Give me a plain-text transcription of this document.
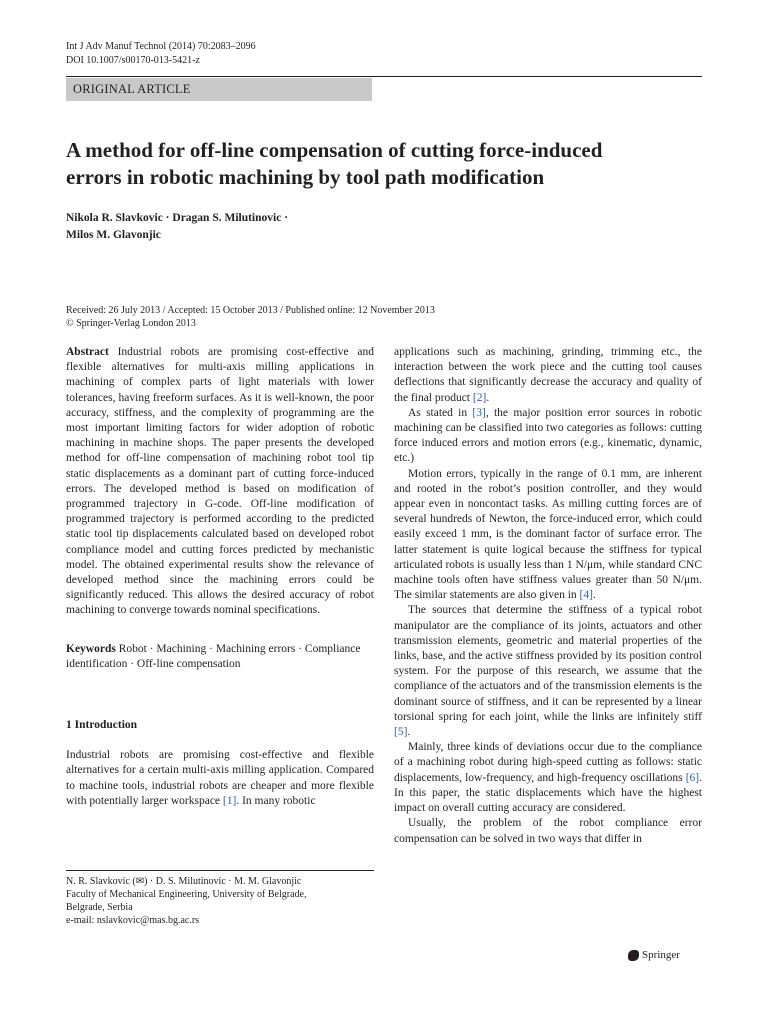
Int J Adv Manuf Technol (2014) 70:2083–2096
DOI 10.1007/s00170-013-5421-z
ORIGINAL ARTICLE
A method for off-line compensation of cutting force-induced
errors in robotic machining by tool path modification
Nikola R. Slavkovic · Dragan S. Milutinovic ·
Milos M. Glavonjic
Received: 26 July 2013 / Accepted: 15 October 2013 / Published online: 12 November 2013
© Springer-Verlag London 2013

Abstract Industrial robots are promising cost-effective and flexible alternatives for multi-axis milling applications in machining of complex parts of light materials with lower tolerances, having freeform surfaces. As it is well-known, the poor accuracy, stiffness, and the complexity of programming are the most important limiting factors for wider adoption of robotic machining in machine shops. The paper presents the developed method for off-line compensation of machining robot tool tip static displacements as a dominant part of cutting force-induced errors. The developed method is based on modification of programmed trajectory in G-code. Off-line modification of programmed trajectory is performed according to the predicted static tool tip displacements calculated based on developed robot compliance model and cutting forces predicted by mechanistic model. The obtained experimental results show the relevance of developed method since the machining errors could be significantly reduced. This allows the desired accuracy of robot machining to converge towards nominal specifications.

Keywords Robot · Machining · Machining errors · Compliance identification · Off-line compensation

1 Introduction

Industrial robots are promising cost-effective and flexible alternatives for a certain multi-axis milling application. Compared to machine tools, industrial robots are cheaper and more flexible with potentially larger workspace [1]. In many robotic

applications such as machining, grinding, trimming etc., the interaction between the work piece and the cutting tool causes deflections that significantly decrease the accuracy and quality of the final product [2].

As stated in [3], the major position error sources in robotic machining can be classified into two categories as follows: cutting force induced errors and motion errors (e.g., kinematic, dynamic, etc.)

Motion errors, typically in the range of 0.1 mm, are inherent and rooted in the robot’s position controller, and they would appear even in noncontact tasks. As milling cutting forces are of several hundreds of Newton, the force-induced error, which could easily exceed 1 mm, is the dominant factor of surface error. The latter statement is quite logical because the stiffness for typical articulated robots is usually less than 1 N/μm, while standard CNC machine tools often have stiffness values greater than 50 N/μm. The similar statements are also given in [4].

The sources that determine the stiffness of a typical robot manipulator are the compliance of its joints, actuators and other transmission elements, geometric and material properties of the links, base, and the active stiffness provided by its position control system. For the purpose of this research, we assume that the compliance of the actuators and of the transmission elements is the dominant source of stiffness, and it can be represented by a linear torsional spring for each joint, while the links are infinitely stiff [5].

Mainly, three kinds of deviations occur due to the compliance of a machining robot during high-speed cutting as follows: static displacements, low-frequency, and high-frequency oscillations [6]. In this paper, the static displacements which have the highest impact on overall cutting accuracy are considered.

Usually, the problem of the robot compliance error compensation can be solved in two ways that differ in

N. R. Slavkovic (✉) · D. S. Milutinovic · M. M. Glavonjic
Faculty of Mechanical Engineering, University of Belgrade,
Belgrade, Serbia
e-mail: nslavkovic@mas.bg.ac.rs
Springer
